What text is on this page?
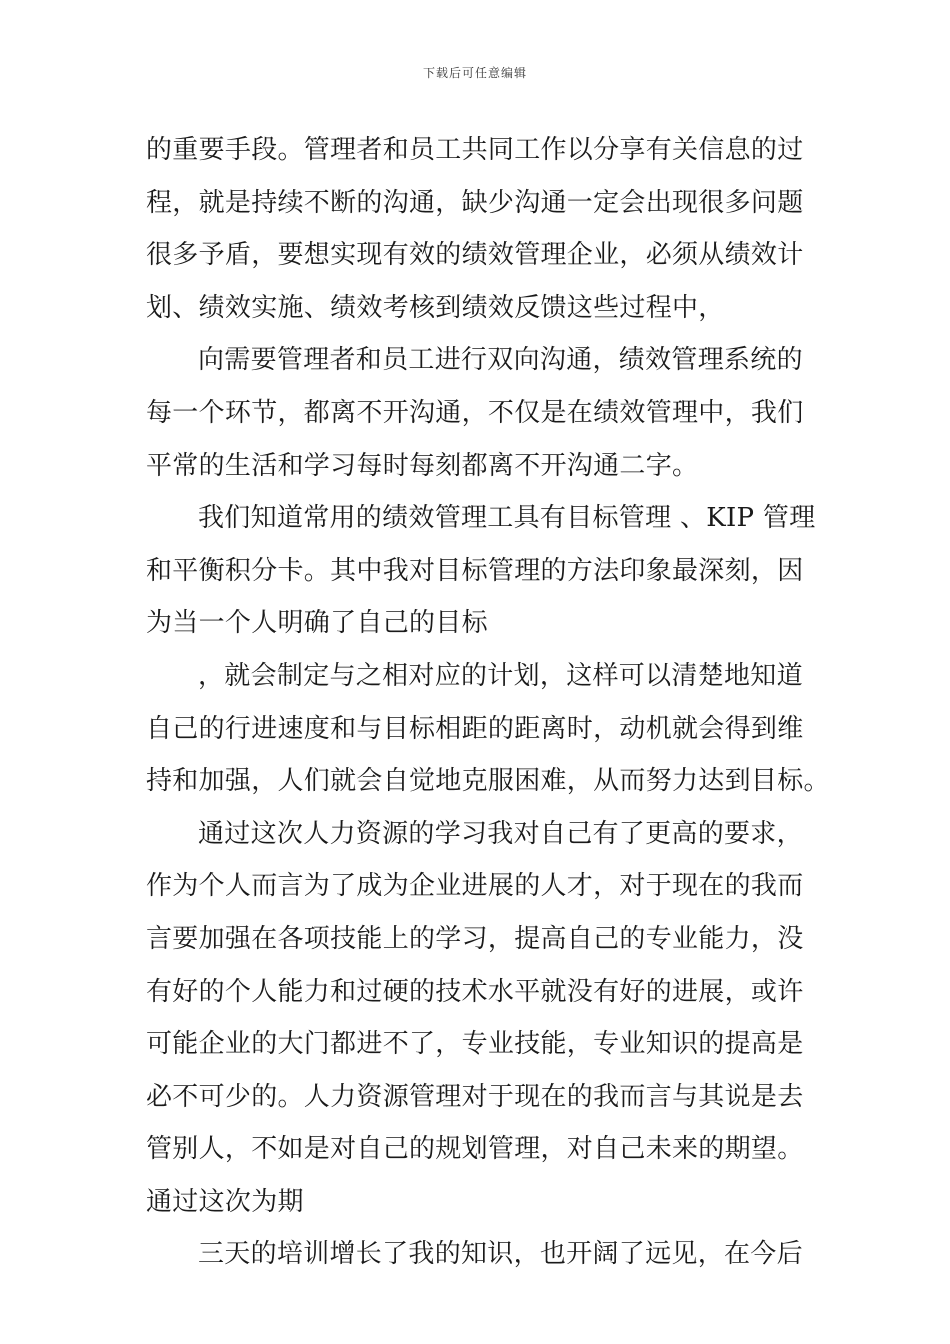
下载后可任意编辑
的重要手段。管理者和员工共同工作以分享有关信息的过
程，就是持续不断的沟通，缺少沟通一定会出现很多问题
很多予盾，要想实现有效的绩效管理企业，必须从绩效计
划、绩效实施、绩效考核到绩效反馈这些过程中，
向需要管理者和员工进行双向沟通，绩效管理系统的
每一个环节，都离不开沟通，不仅是在绩效管理中，我们
平常的生活和学习每时每刻都离不开沟通二字。
我们知道常用的绩效管理工具有目标管理 、KIP 管理
和平衡积分卡。其中我对目标管理的方法印象最深刻，因
为当一个人明确了自己的目标
，就会制定与之相对应的计划，这样可以清楚地知道
自己的行进速度和与目标相距的距离时，动机就会得到维
持和加强，人们就会自觉地克服困难，从而努力达到目标。
通过这次人力资源的学习我对自己有了更高的要求，
作为个人而言为了成为企业进展的人才，对于现在的我而
言要加强在各项技能上的学习，提高自己的专业能力，没
有好的个人能力和过硬的技术水平就没有好的进展，或许
可能企业的大门都进不了，专业技能，专业知识的提高是
必不可少的。人力资源管理对于现在的我而言与其说是去
管别人，不如是对自己的规划管理，对自己未来的期望。
通过这次为期
三天的培训增长了我的知识，也开阔了远见，在今后
